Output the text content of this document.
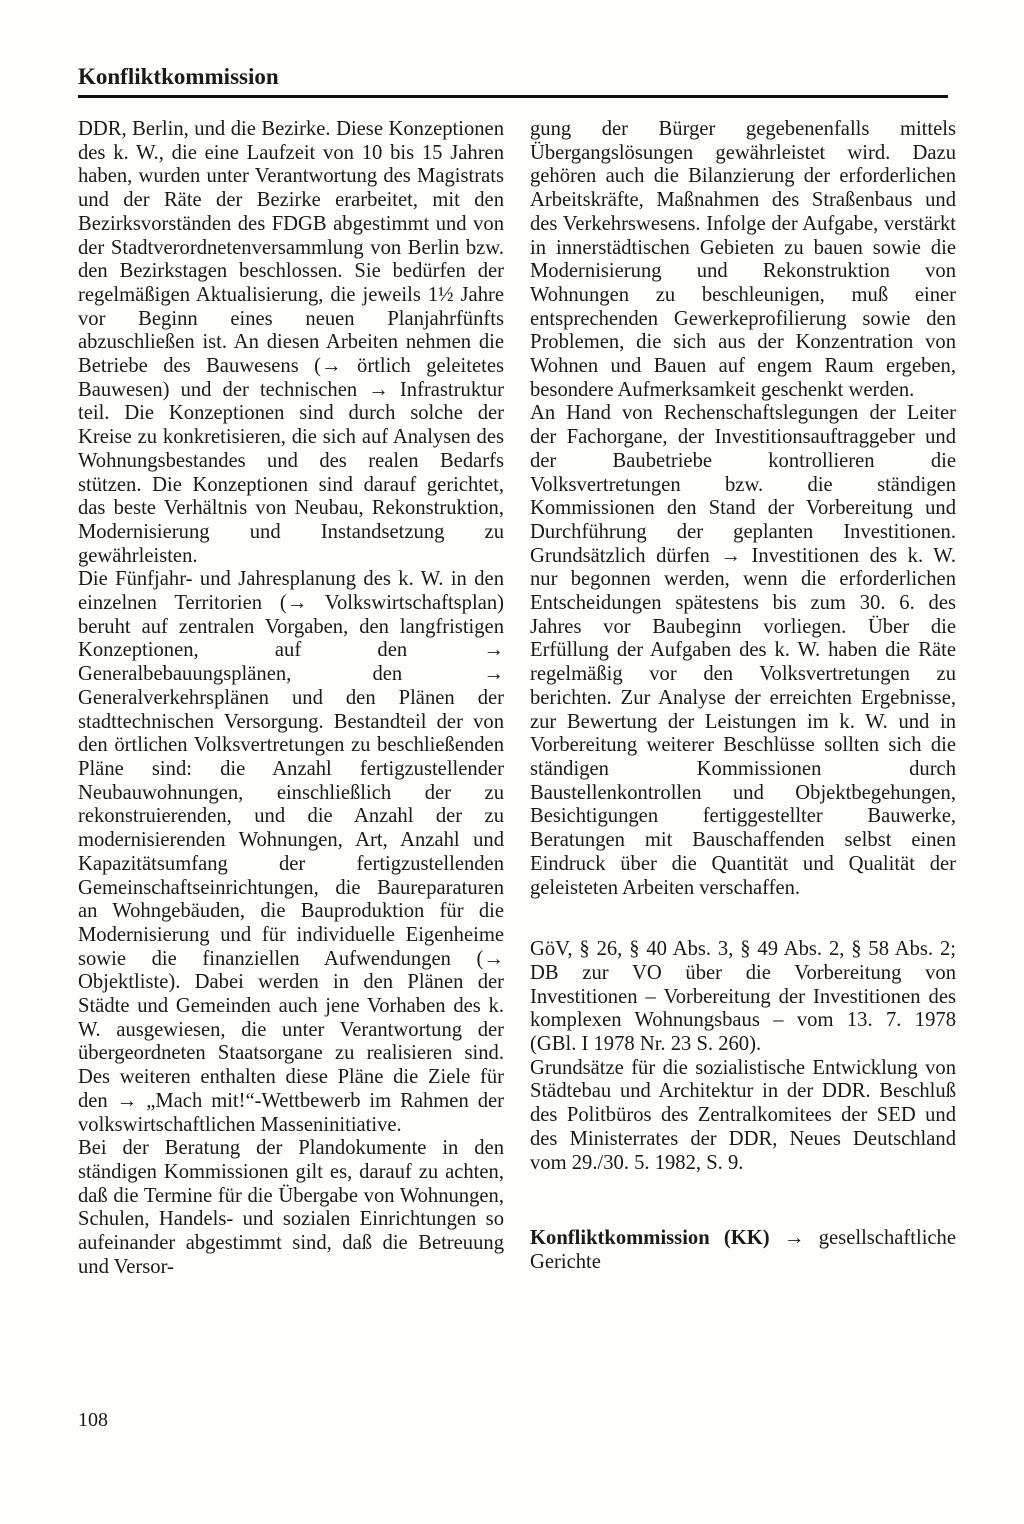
Konfliktkommission

DDR, Berlin, und die Bezirke. Diese Konzeptionen des k. W., die eine Laufzeit von 10 bis 15 Jahren haben, wurden unter Verantwortung des Magistrats und der Räte der Bezirke erarbeitet, mit den Bezirksvorständen des FDGB abgestimmt und von der Stadtverordnetenversammlung von Berlin bzw. den Bezirkstagen beschlossen. Sie bedürfen der regelmäßigen Aktualisierung, die jeweils 1½ Jahre vor Beginn eines neuen Planjahrfünfts abzuschließen ist. An diesen Arbeiten nehmen die Betriebe des Bauwesens (→ örtlich geleitetes Bauwesen) und der technischen → Infrastruktur teil. Die Konzeptionen sind durch solche der Kreise zu konkretisieren, die sich auf Analysen des Wohnungsbestandes und des realen Bedarfs stützen. Die Konzeptionen sind darauf gerichtet, das beste Verhältnis von Neubau, Rekonstruktion, Modernisierung und Instandsetzung zu gewährleisten.

Die Fünfjahr- und Jahresplanung des k. W. in den einzelnen Territorien (→ Volkswirtschaftsplan) beruht auf zentralen Vorgaben, den langfristigen Konzeptionen, auf den → Generalbebauungsplänen, den → Generalverkehrsplänen und den Plänen der stadttechnischen Versorgung. Bestandteil der von den örtlichen Volksvertretungen zu beschließenden Pläne sind: die Anzahl fertigzustellender Neubauwohnungen, einschließlich der zu rekonstruierenden, und die Anzahl der zu modernisierenden Wohnungen, Art, Anzahl und Kapazitätsumfang der fertigzustellenden Gemeinschaftseinrichtungen, die Baureparaturen an Wohngebäuden, die Bauproduktion für die Modernisierung und für individuelle Eigenheime sowie die finanziellen Aufwendungen (→ Objektliste). Dabei werden in den Plänen der Städte und Gemeinden auch jene Vorhaben des k. W. ausgewiesen, die unter Verantwortung der übergeordneten Staatsorgane zu realisieren sind. Des weiteren enthalten diese Pläne die Ziele für den → „Mach mit!“-Wettbewerb im Rahmen der volkswirtschaftlichen Masseninitiative.

Bei der Beratung der Plandokumente in den ständigen Kommissionen gilt es, darauf zu achten, daß die Termine für die Übergabe von Wohnungen, Schulen, Handels- und sozialen Einrichtungen so aufeinander abgestimmt sind, daß die Betreuung und Versor-

gung der Bürger gegebenenfalls mittels Übergangslösungen gewährleistet wird. Dazu gehören auch die Bilanzierung der erforderlichen Arbeitskräfte, Maßnahmen des Straßenbaus und des Verkehrswesens. Infolge der Aufgabe, verstärkt in innerstädtischen Gebieten zu bauen sowie die Modernisierung und Rekonstruktion von Wohnungen zu beschleunigen, muß einer entsprechenden Gewerkeprofilierung sowie den Problemen, die sich aus der Konzentration von Wohnen und Bauen auf engem Raum ergeben, besondere Aufmerksamkeit geschenkt werden.

An Hand von Rechenschaftslegungen der Leiter der Fachorgane, der Investitionsauftraggeber und der Baubetriebe kontrollieren die Volksvertretungen bzw. die ständigen Kommissionen den Stand der Vorbereitung und Durchführung der geplanten Investitionen. Grundsätzlich dürfen → Investitionen des k. W. nur begonnen werden, wenn die erforderlichen Entscheidungen spätestens bis zum 30. 6. des Jahres vor Baubeginn vorliegen. Über die Erfüllung der Aufgaben des k. W. haben die Räte regelmäßig vor den Volksvertretungen zu berichten. Zur Analyse der erreichten Ergebnisse, zur Bewertung der Leistungen im k. W. und in Vorbereitung weiterer Beschlüsse sollten sich die ständigen Kommissionen durch Baustellenkontrollen und Objektbegehungen, Besichtigungen fertiggestellter Bauwerke, Beratungen mit Bauschaffenden selbst einen Eindruck über die Quantität und Qualität der geleisteten Arbeiten verschaffen.

GöV, § 26, § 40 Abs. 3, § 49 Abs. 2, § 58 Abs. 2; DB zur VO über die Vorbereitung von Investitionen – Vorbereitung der Investitionen des komplexen Wohnungsbaus – vom 13. 7. 1978 (GBl. I 1978 Nr. 23 S. 260).
Grundsätze für die sozialistische Entwicklung von Städtebau und Architektur in der DDR. Beschluß des Politbüros des Zentralkomitees der SED und des Ministerrates der DDR, Neues Deutschland vom 29./30. 5. 1982, S. 9.

Konfliktkommission (KK) → gesellschaftliche Gerichte

108
